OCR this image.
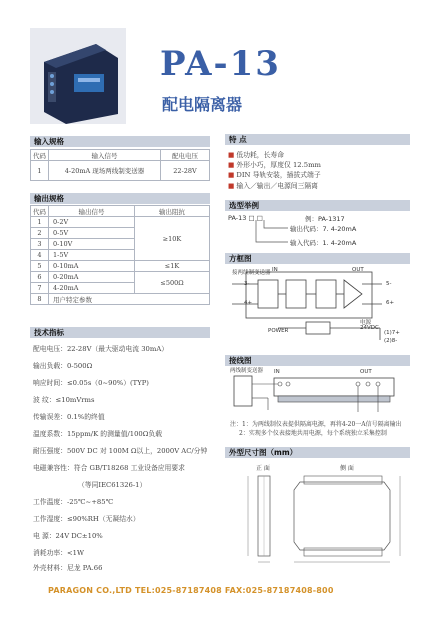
PA-13
配电隔离器
输入规格
代码	输入信号	配电电压
1	4-20mA 现场两线制变送器	22-28V
输出规格
代码	输出信号	输出阻抗
1	0-2V	≥10K
2	0-5V	
3	0-10V	
4	1-5V	
5	0-10mA	≤1K
6	0-20mA	≤500Ω
7	4-20mA	
8	用户特定参数	
技术指标
配电电压：22-28V（最大驱动电流 30mA）
输出负载：0-500Ω
响应时间：≤0.05s（0~90%）(TYP)
波 纹：≤10mVrms
传输误差：0.1%的终值
温度系数：15ppm/K 的测量值/100Ω负载
耐压强度：500V DC 对 100M Ω以上，2000V AC/分钟
电磁兼容性：符合 GB/T18268 工业设备应用要求
（等同IEC61326-1）
工作温度：-25℃~+85℃
工作湿度：≤90%RH（无凝结水）
电 源：24V DC±10%
消耗功率：<1W
外壳材料：尼龙 PA.66
特 点
■ 低功耗，长寿命
■ 外形小巧，厚度仅 12.5mm
■ DIN 导轨安装，插拔式端子
■ 输入／输出／电源间三隔离
选型举例
PA-13 □ □	例：PA-1317
输出代码：7. 4-20mA
输入代码：1. 4-20mA
方框图
接两线制变送器 IN	OUT
3-
4+
5-
6+
POWER
电源
24VDC
(1)7+
(2)8-
接线图
两线制变送器 IN	OUT
注：1：为两线制仪表提供隔离电源，再将4-20一A信号隔离输出
2：实现多个仪表接地共用电源，每个系统独立采集控制
外型尺寸图（mm）
正 面	侧 面
PARAGON CO.,LTD TEL:025-87187408 FAX:025-87187408-800
